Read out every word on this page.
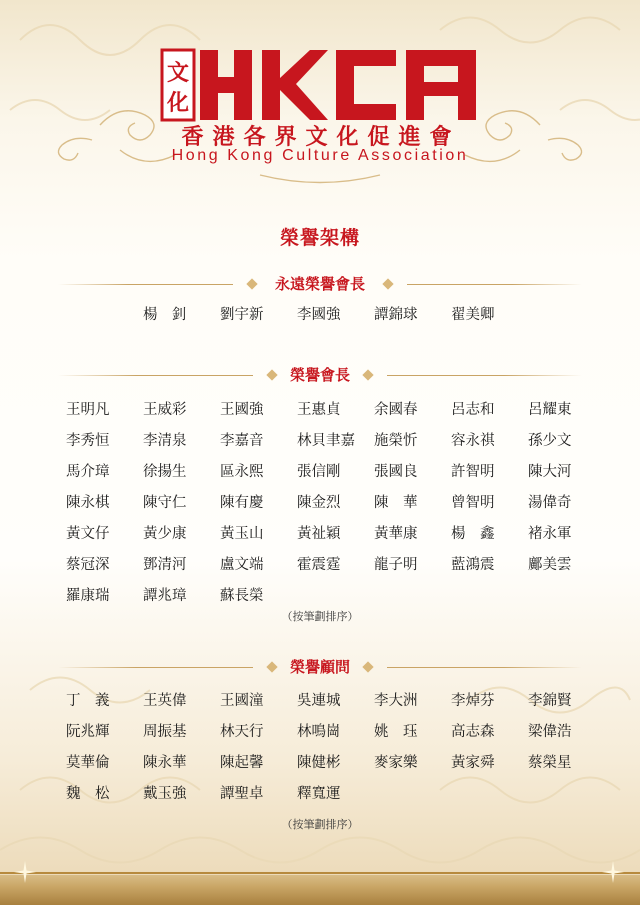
文
化
香港各界文化促進會
Hong Kong Culture Association
榮譽架構
永遠榮譽會長
楊　釗 劉宇新 李國強 譚錦球 翟美卿
榮譽會長
王明凡 王威彩 王國強 王惠貞 余國春 呂志和 呂耀東
李秀恒 李清泉 李嘉音 林貝聿嘉 施榮忻 容永祺 孫少文
馬介璋 徐揚生 區永熙 張信剛 張國良 許智明 陳大河
陳永棋 陳守仁 陳有慶 陳金烈 陳　華 曾智明 湯偉奇
黃文仔 黃少康 黃玉山 黃祉穎 黃華康 楊　鑫 褚永軍
蔡冠深 鄧清河 盧文端 霍震霆 龍子明 藍鴻震 鄺美雲
羅康瑞 譚兆璋 蘇長榮
（按筆劃排序）
榮譽顧問
丁　義 王英偉 王國潼 吳連城 李大洲 李焯芬 李錦賢
阮兆輝 周振基 林天行 林鳴崗 姚　珏 高志森 梁偉浩
莫華倫 陳永華 陳起馨 陳健彬 麥家樂 黃家舜 蔡榮星
魏　松 戴玉強 譚聖卓 釋寬運
（按筆劃排序）
